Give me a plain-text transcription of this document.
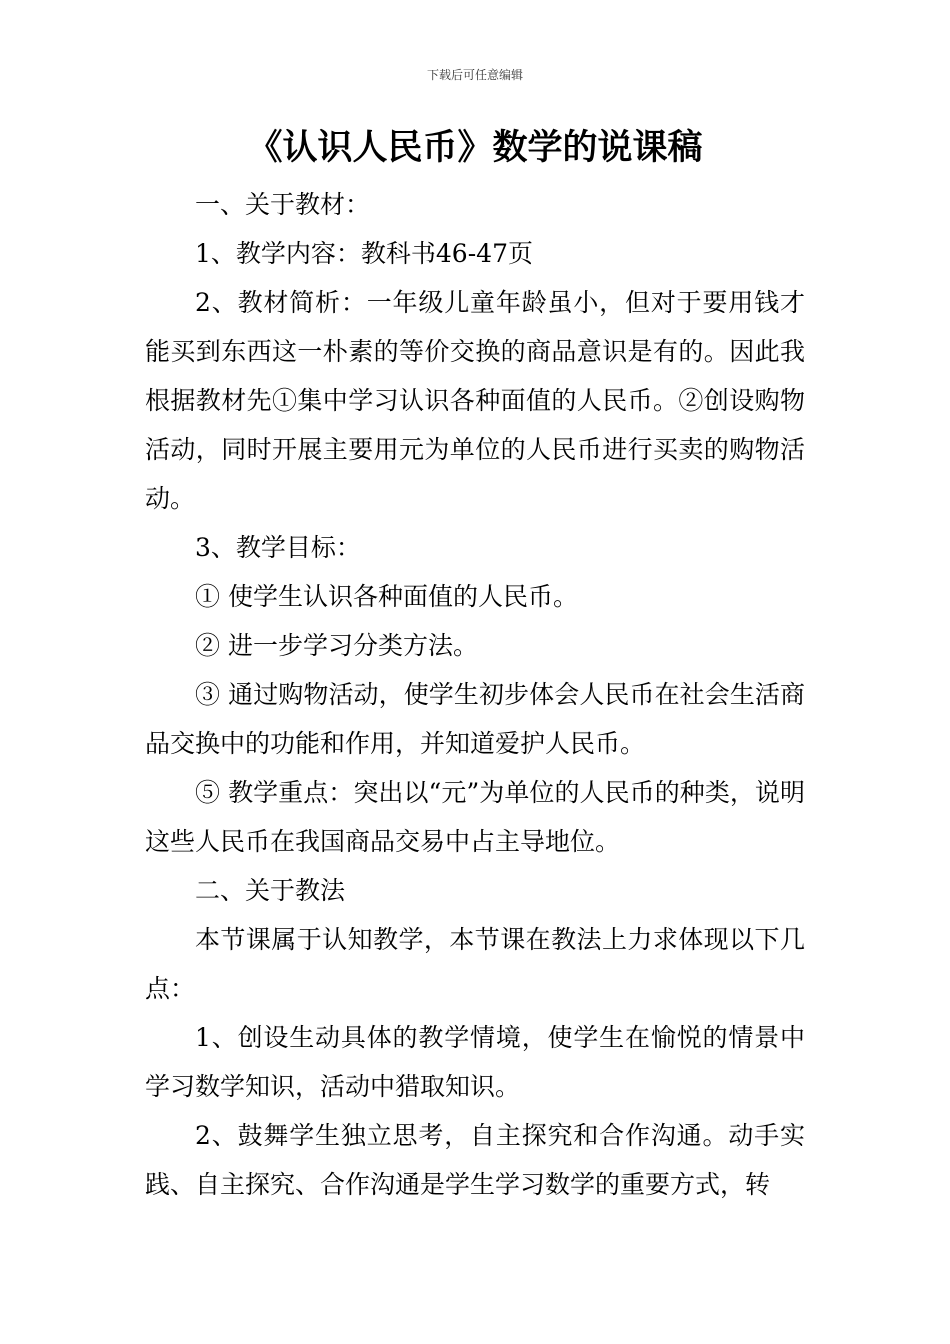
下载后可任意编辑
《认识人民币》数学的说课稿

一、关于教材：

1、教学内容：教科书46-47页

2、教材简析：一年级儿童年龄虽小，但对于要用钱才能买到东西这一朴素的等价交换的商品意识是有的。因此我根据教材先①集中学习认识各种面值的人民币。②创设购物活动，同时开展主要用元为单位的人民币进行买卖的购物活动。

3、教学目标：

① 使学生认识各种面值的人民币。

② 进一步学习分类方法。

③ 通过购物活动，使学生初步体会人民币在社会生活商品交换中的功能和作用，并知道爱护人民币。

⑤ 教学重点：突出以“元”为单位的人民币的种类，说明这些人民币在我国商品交易中占主导地位。

二、关于教法

本节课属于认知教学，本节课在教法上力求体现以下几点：

1、创设生动具体的教学情境，使学生在愉悦的情景中学习数学知识，活动中猎取知识。

2、鼓舞学生独立思考，自主探究和合作沟通。动手实践、自主探究、合作沟通是学生学习数学的重要方式，转
